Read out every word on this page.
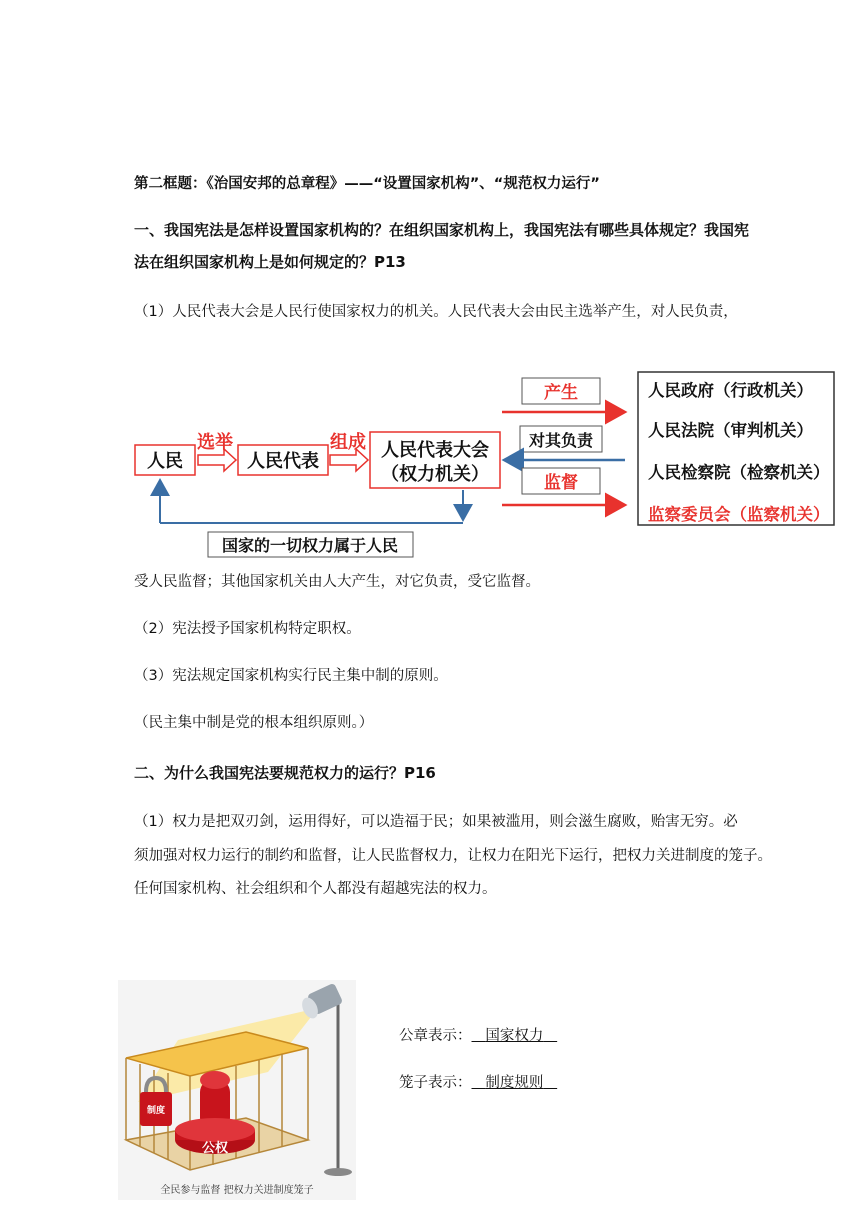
第二框题：《治国安邦的总章程》——“设置国家机构”、“规范权力运行”
一、我国宪法是怎样设置国家机构的？在组织国家机构上，我国宪法有哪些具体规定？我国宪
法在组织国家机构上是如何规定的？P13
（1）人民代表大会是人民行使国家权力的机关。人民代表大会由民主选举产生，对人民负责，
人民
选举
人民代表
组成 人民代表大会
（权力机关）
产生
对其负责
监督
人民政府（行政机关）
人民法院（审判机关）
人民检察院（检察机关）
监察委员会（监察机关）
国家的一切权力属于人民
受人民监督；其他国家机关由人大产生，对它负责，受它监督。
（2）宪法授予国家机构特定职权。
（3）宪法规定国家机构实行民主集中制的原则。
（民主集中制是党的根本组织原则。）
二、为什么我国宪法要规范权力的运行？P16
（1）权力是把双刃剑，运用得好，可以造福于民；如果被滥用，则会滋生腐败，贻害无穷。必
须加强对权力运行的制约和监督，让人民监督权力，让权力在阳光下运行，把权力关进制度的笼子。
任何国家机构、社会组织和个人都没有超越宪法的权力。
公权
制度
全民参与监督 把权力关进制度笼子
公章表示： 国家权力
笼子表示： 制度规则
